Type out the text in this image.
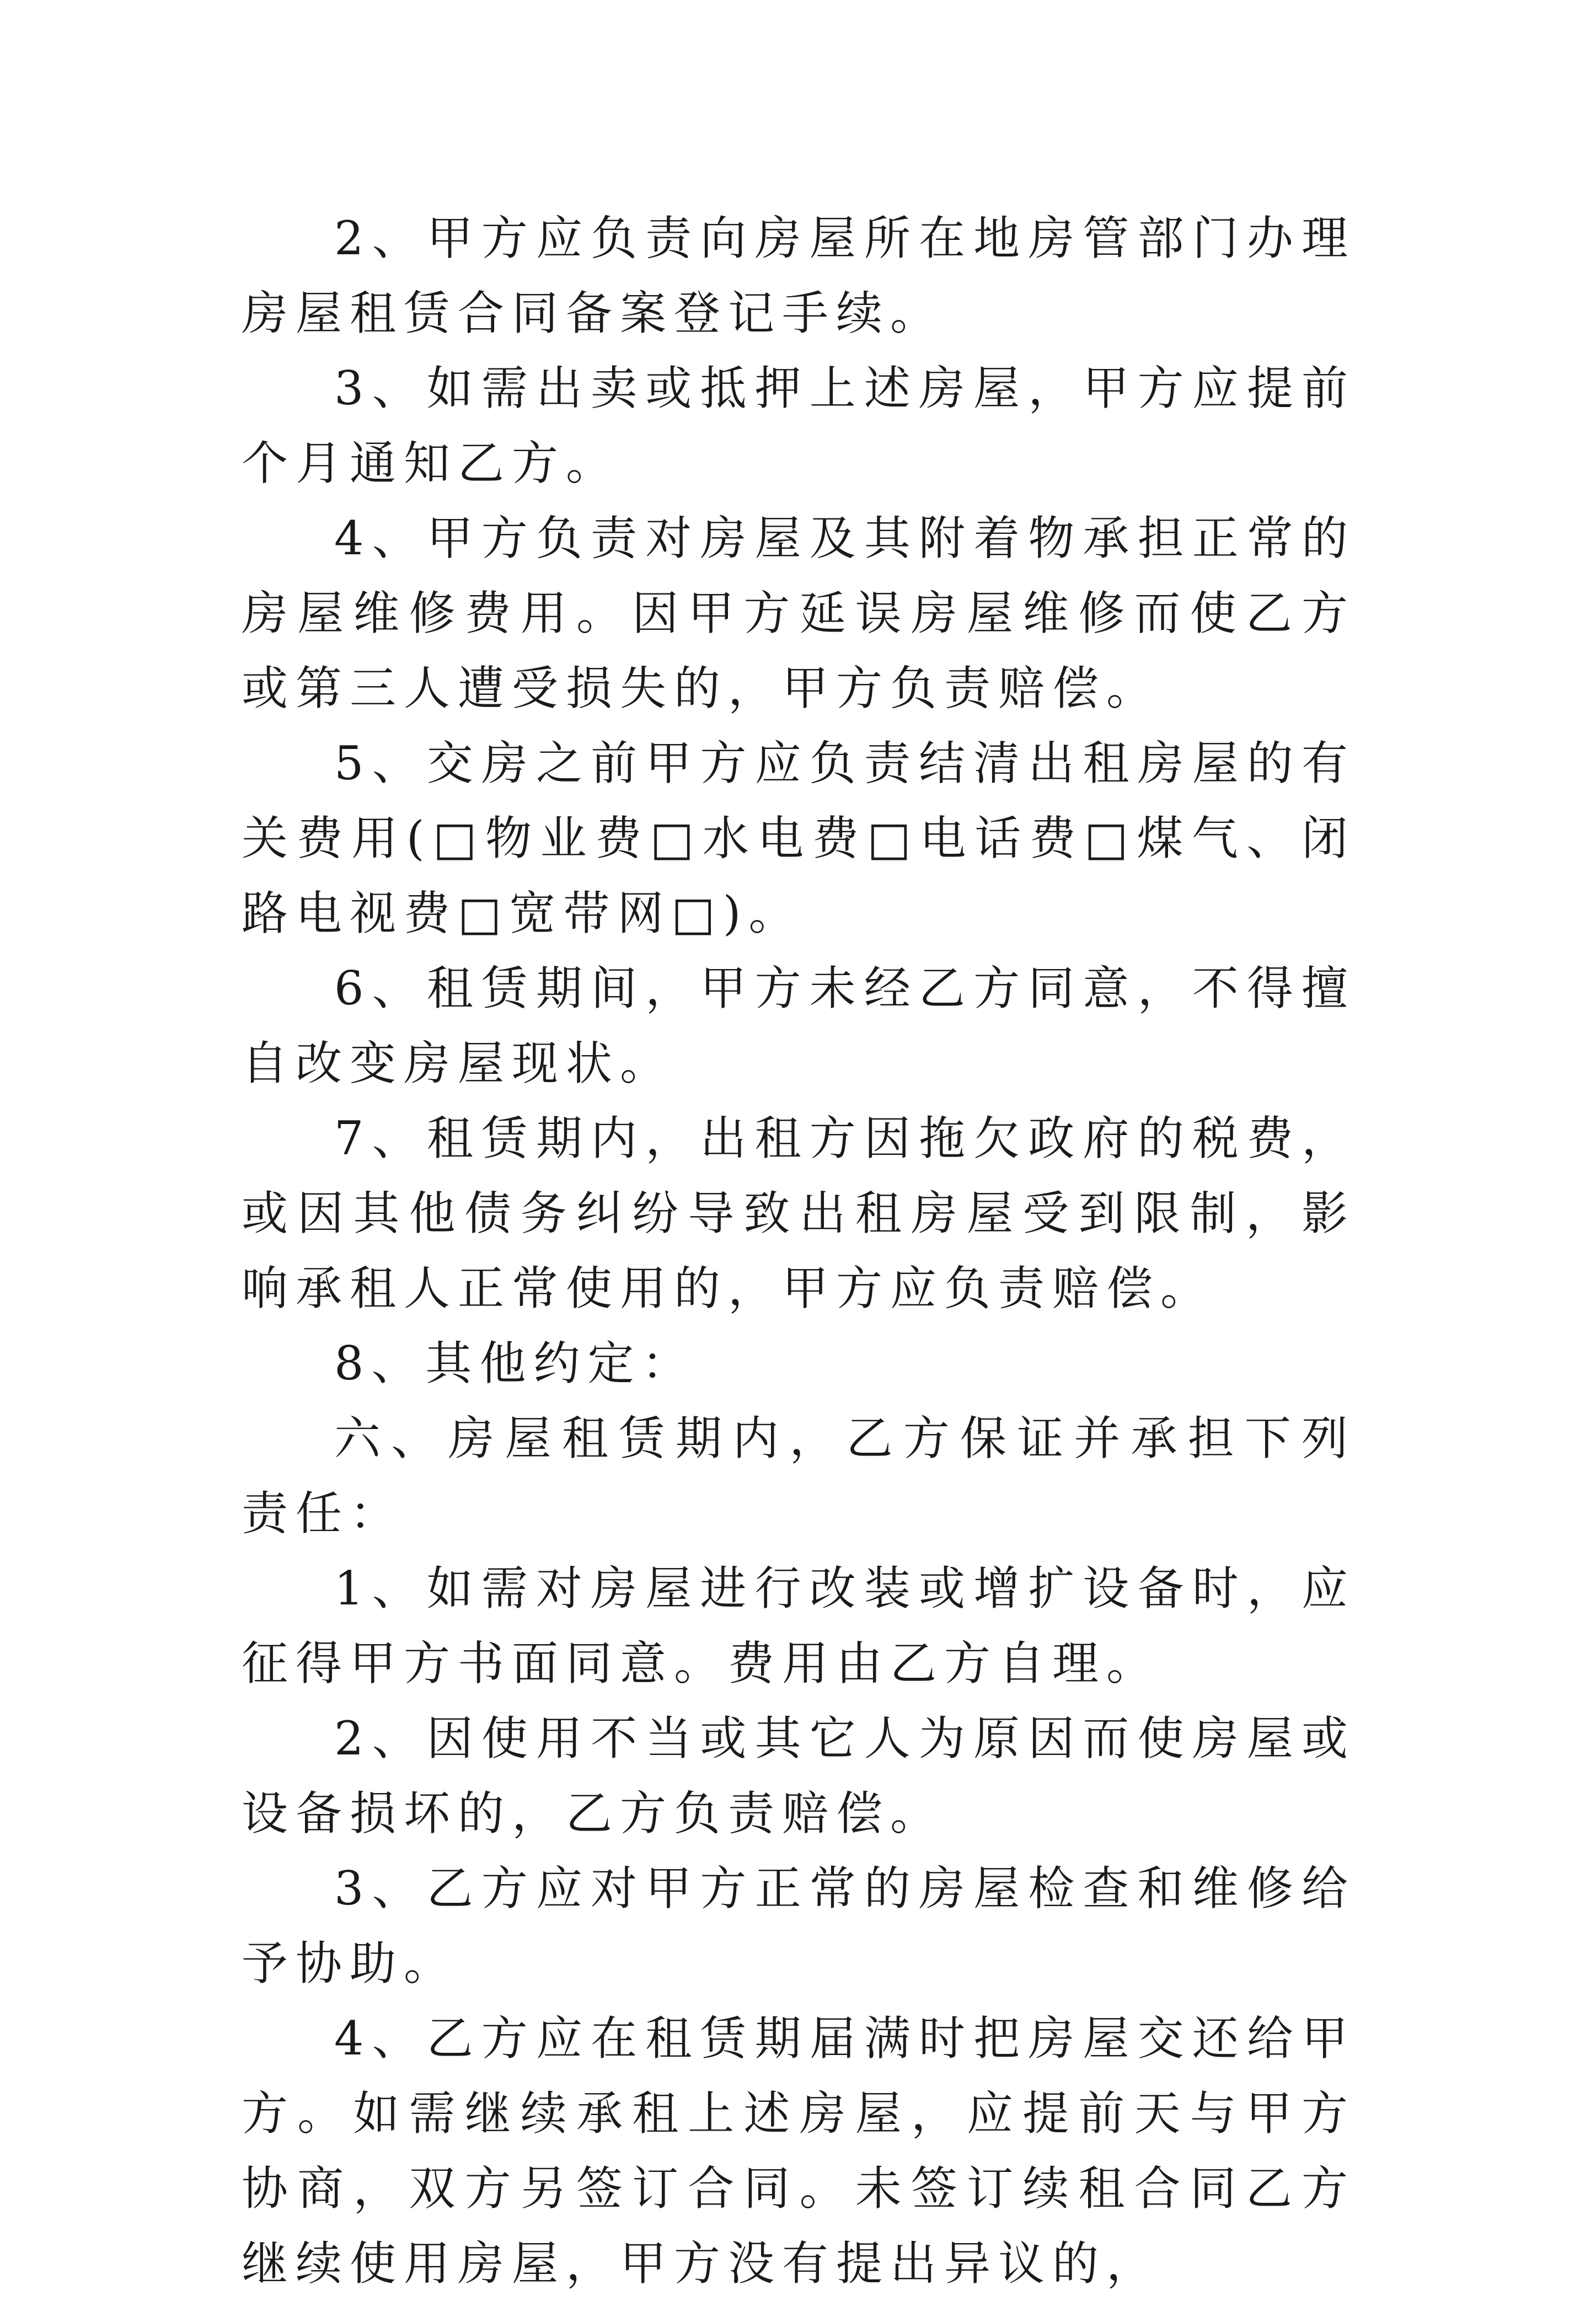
2、甲方应负责向房屋所在地房管部门办理房屋租赁合同备案登记手续。

3、如需出卖或抵押上述房屋，甲方应提前个月通知乙方。

4、甲方负责对房屋及其附着物承担正常的房屋维修费用。因甲方延误房屋维修而使乙方或第三人遭受损失的，甲方负责赔偿。

5、交房之前甲方应负责结清出租房屋的有关费用(□物业费□水电费□电话费□煤气、闭路电视费□宽带网□)。

6、租赁期间，甲方未经乙方同意，不得擅自改变房屋现状。

7、租赁期内，出租方因拖欠政府的税费，或因其他债务纠纷导致出租房屋受到限制，影响承租人正常使用的，甲方应负责赔偿。

8、其他约定：

六、房屋租赁期内，乙方保证并承担下列责任：

1、如需对房屋进行改装或增扩设备时，应征得甲方书面同意。费用由乙方自理。

2、因使用不当或其它人为原因而使房屋或设备损坏的，乙方负责赔偿。

3、乙方应对甲方正常的房屋检查和维修给予协助。

4、乙方应在租赁期届满时把房屋交还给甲方。如需继续承租上述房屋，应提前天与甲方协商，双方另签订合同。未签订续租合同乙方继续使用房屋，甲方没有提出异议的，
